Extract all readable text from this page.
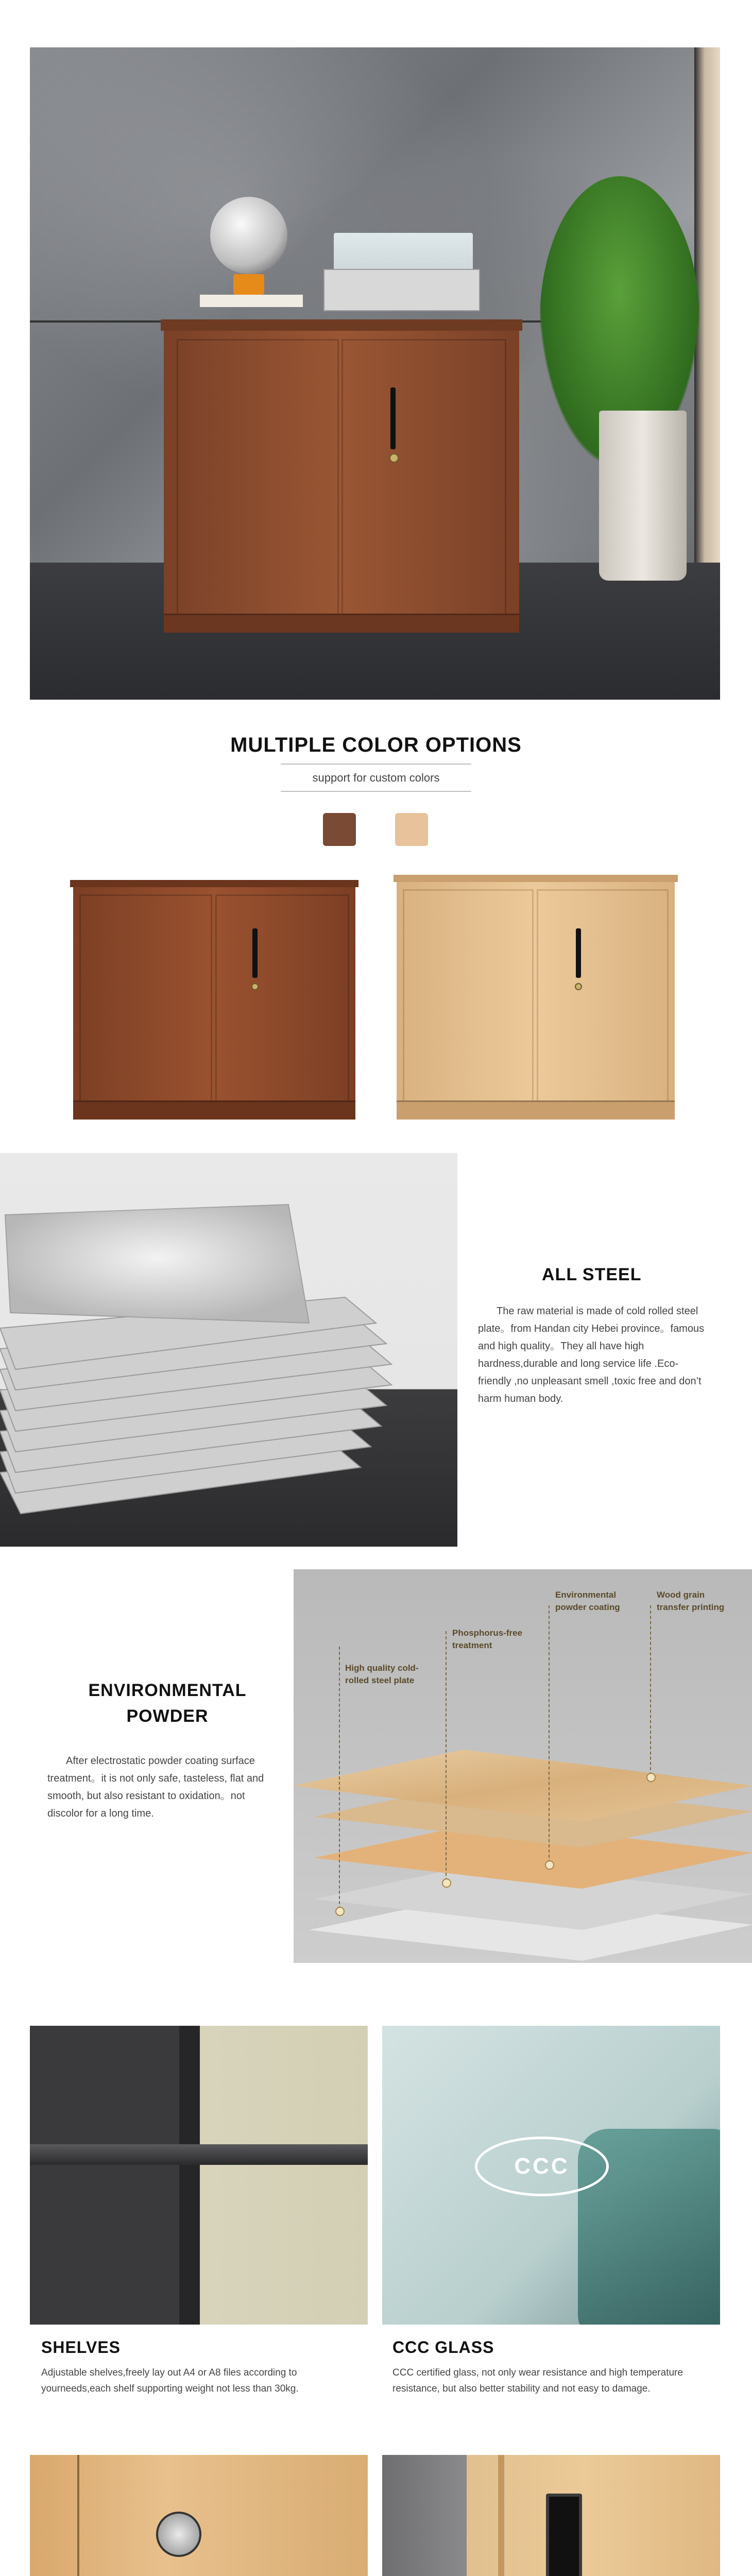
MULTIPLE COLOR OPTIONS
support for custom colors
ALL STEEL
The raw material is made of cold rolled steel plate。from Handan city Hebei province。famous and high quality。They all have high hardness,durable and long service life .Eco-friendly ,no unpleasant smell ,toxic free and don’t harm human body.
ENVIRONMENTAL
POWDER
After electrostatic powder coating surface treatment。it is not only safe, tasteless, flat and smooth, but also resistant to oxidation。not discolor for a long time.
High quality cold-rolled steel plate
Phosphorus-free treatment
Environmental powder coating
Wood grain transfer printing
SHELVES
Adjustable shelves,freely lay out A4 or A8 files according to yourneeds,each shelf supporting weight not less than 30kg.
CCC
CCC GLASS
CCC certified glass, not only wear resistance and high temperature resistance, but also better stability and not easy to damage.
